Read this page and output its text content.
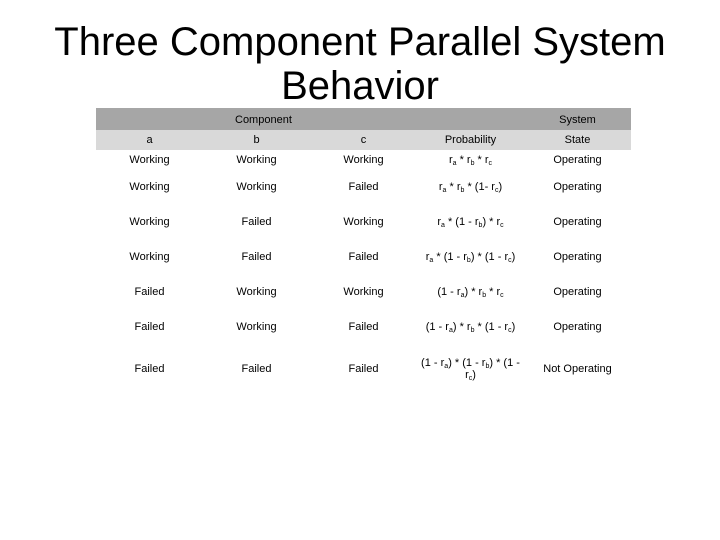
Three Component Parallel System Behavior
Component				System
a	b	c	Probability	State
Working	Working	Working	$r_a * r_b * r_c$	Operating
Working	Working	Failed	$r_a * r_b * (1-$ $r_c$)	Operating
Working	Failed	Working	$r_a * (1 - r_b) * r_c$	Operating
Working	Failed	Failed	$r_a * (1 - r_b) * (1 - r_c)$	Operating
Failed	Working	Working	$(1 - r_a) * r_b * r_c$	Operating
Failed	Working	Failed	$(1 - r_a) * r_b * (1 - r_c)$	Operating
Failed	Failed	Failed	$(1 - r_a) * (1 - r_b) * (1 - r_c)$	Not Operating
